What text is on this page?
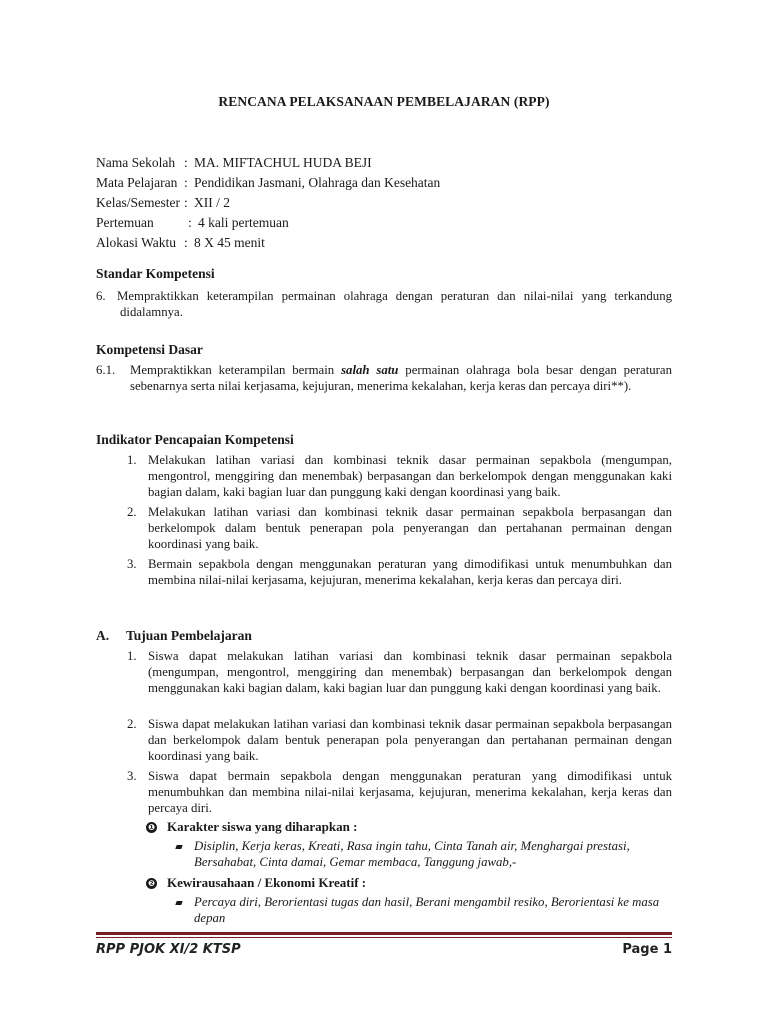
RENCANA PELAKSANAAN PEMBELAJARAN (RPP)
Nama Sekolah : MA. MIFTACHUL HUDA BEJI
Mata Pelajaran : Pendidikan Jasmani, Olahraga dan Kesehatan
Kelas/Semester : XII / 2
Pertemuan	: 4 kali pertemuan
Alokasi Waktu : 8 X 45 menit
Standar Kompetensi
6. Mempraktikkan keterampilan permainan olahraga dengan peraturan dan nilai-nilai yang terkandung didalamnya.
Kompetensi Dasar
6.1. Mempraktikkan keterampilan bermain salah satu permainan olahraga bola besar dengan peraturan sebenarnya serta nilai kerjasama, kejujuran, menerima kekalahan, kerja keras dan percaya diri**).
Indikator Pencapaian Kompetensi
1. Melakukan latihan variasi dan kombinasi teknik dasar permainan sepakbola (mengumpan, mengontrol, menggiring dan menembak) berpasangan dan berkelompok dengan menggunakan kaki bagian dalam, kaki bagian luar dan punggung kaki dengan koordinasi yang baik.
2. Melakukan latihan variasi dan kombinasi teknik dasar permainan sepakbola berpasangan dan berkelompok dalam bentuk penerapan pola penyerangan dan pertahanan permainan dengan koordinasi yang baik.
3. Bermain sepakbola dengan menggunakan peraturan yang dimodifikasi untuk menumbuhkan dan membina nilai-nilai kerjasama, kejujuran, menerima kekalahan, kerja keras dan percaya diri.
A. Tujuan Pembelajaran
1. Siswa dapat melakukan latihan variasi dan kombinasi teknik dasar permainan sepakbola (mengumpan, mengontrol, menggiring dan menembak) berpasangan dan berkelompok dengan menggunakan kaki bagian dalam, kaki bagian luar dan punggung kaki dengan koordinasi yang baik.
2. Siswa dapat melakukan latihan variasi dan kombinasi teknik dasar permainan sepakbola berpasangan dan berkelompok dalam bentuk penerapan pola penyerangan dan pertahanan permainan dengan koordinasi yang baik.
3. Siswa dapat bermain sepakbola dengan menggunakan peraturan yang dimodifikasi untuk menumbuhkan dan membina nilai-nilai kerjasama, kejujuran, menerima kekalahan, kerja keras dan percaya diri.
❶ Karakter siswa yang diharapkan :
Disiplin, Kerja keras, Kreati, Rasa ingin tahu, Cinta Tanah air, Menghargai prestasi, Bersahabat, Cinta damai, Gemar membaca, Tanggung jawab,-
❷ Kewirausahaan / Ekonomi Kreatif :
Percaya diri, Berorientasi tugas dan hasil, Berani mengambil resiko, Berorientasi ke masa depan
RPP PJOK XI/2 KTSP	Page 1
